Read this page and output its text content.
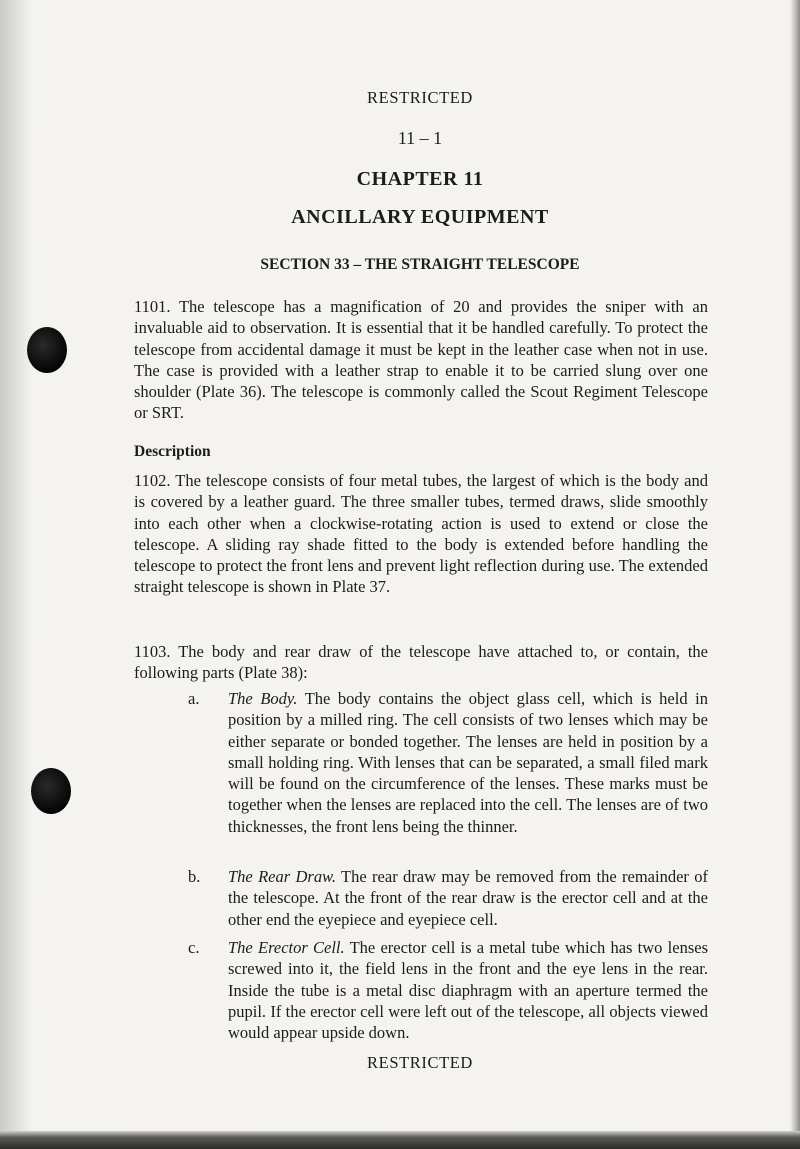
RESTRICTED

11 – 1

CHAPTER 11

ANCILLARY EQUIPMENT

SECTION 33 – THE STRAIGHT TELESCOPE

1101. The telescope has a magnification of 20 and provides the sniper with an invaluable aid to observation. It is essential that it be handled carefully. To protect the telescope from accidental damage it must be kept in the leather case when not in use. The case is provided with a leather strap to enable it to be carried slung over one shoulder (Plate 36). The telescope is commonly called the Scout Regiment Telescope or SRT.

Description

1102. The telescope consists of four metal tubes, the largest of which is the body and is covered by a leather guard. The three smaller tubes, termed draws, slide smoothly into each other when a clockwise-rotating action is used to extend or close the telescope. A sliding ray shade fitted to the body is extended before handling the telescope to protect the front lens and prevent light reflection during use. The extended straight telescope is shown in Plate 37.

1103. The body and rear draw of the telescope have attached to, or contain, the following parts (Plate 38):

a. The Body. The body contains the object glass cell, which is held in position by a milled ring. The cell consists of two lenses which may be either separate or bonded together. The lenses are held in position by a small holding ring. With lenses that can be separated, a small filed mark will be found on the circumference of the lenses. These marks must be together when the lenses are replaced into the cell. The lenses are of two thicknesses, the front lens being the thinner.
b. The Rear Draw. The rear draw may be removed from the remainder of the telescope. At the front of the rear draw is the erector cell and at the other end the eyepiece and eyepiece cell.
c. The Erector Cell. The erector cell is a metal tube which has two lenses screwed into it, the field lens in the front and the eye lens in the rear. Inside the tube is a metal disc diaphragm with an aperture termed the pupil. If the erector cell were left out of the telescope, all objects viewed would appear upside down.

RESTRICTED
